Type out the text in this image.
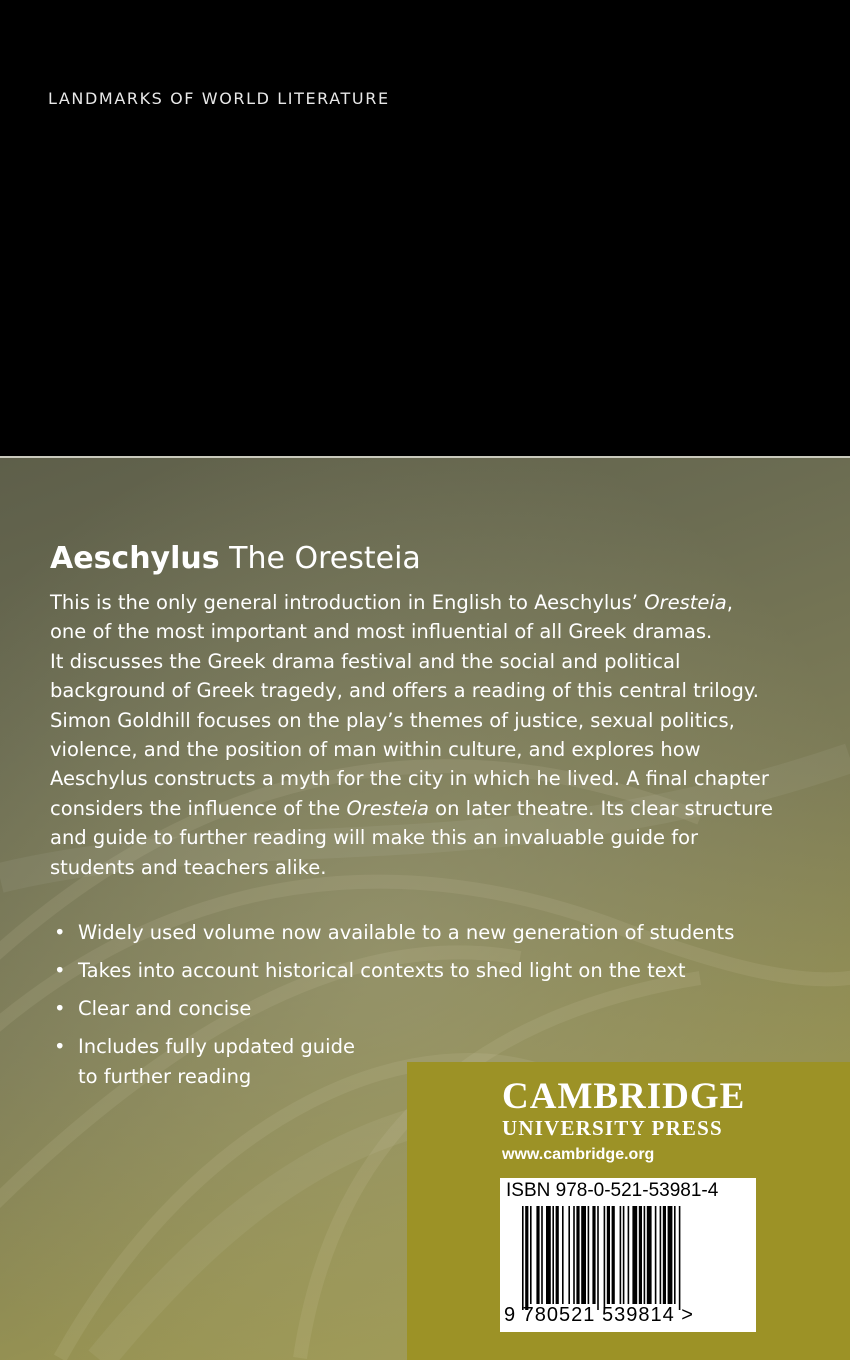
LANDMARKS OF WORLD LITERATURE
Aeschylus The Oresteia

This is the only general introduction in English to Aeschylus’ Oresteia,
one of the most important and most influential of all Greek dramas.
It discusses the Greek drama festival and the social and political
background of Greek tragedy, and offers a reading of this central trilogy.
Simon Goldhill focuses on the play’s themes of justice, sexual politics,
violence, and the position of man within culture, and explores how
Aeschylus constructs a myth for the city in which he lived. A final chapter
considers the influence of the Oresteia on later theatre. Its clear structure
and guide to further reading will make this an invaluable guide for
students and teachers alike.

• Widely used volume now available to a new generation of students
• Takes into account historical contexts to shed light on the text
• Clear and concise
• Includes fully updated guide
to further reading	CAMBRIDGE
UNIVERSITY PRESS
www.cambridge.org
ISBN 978-0-521-53981-4
9 780521 539814 >
